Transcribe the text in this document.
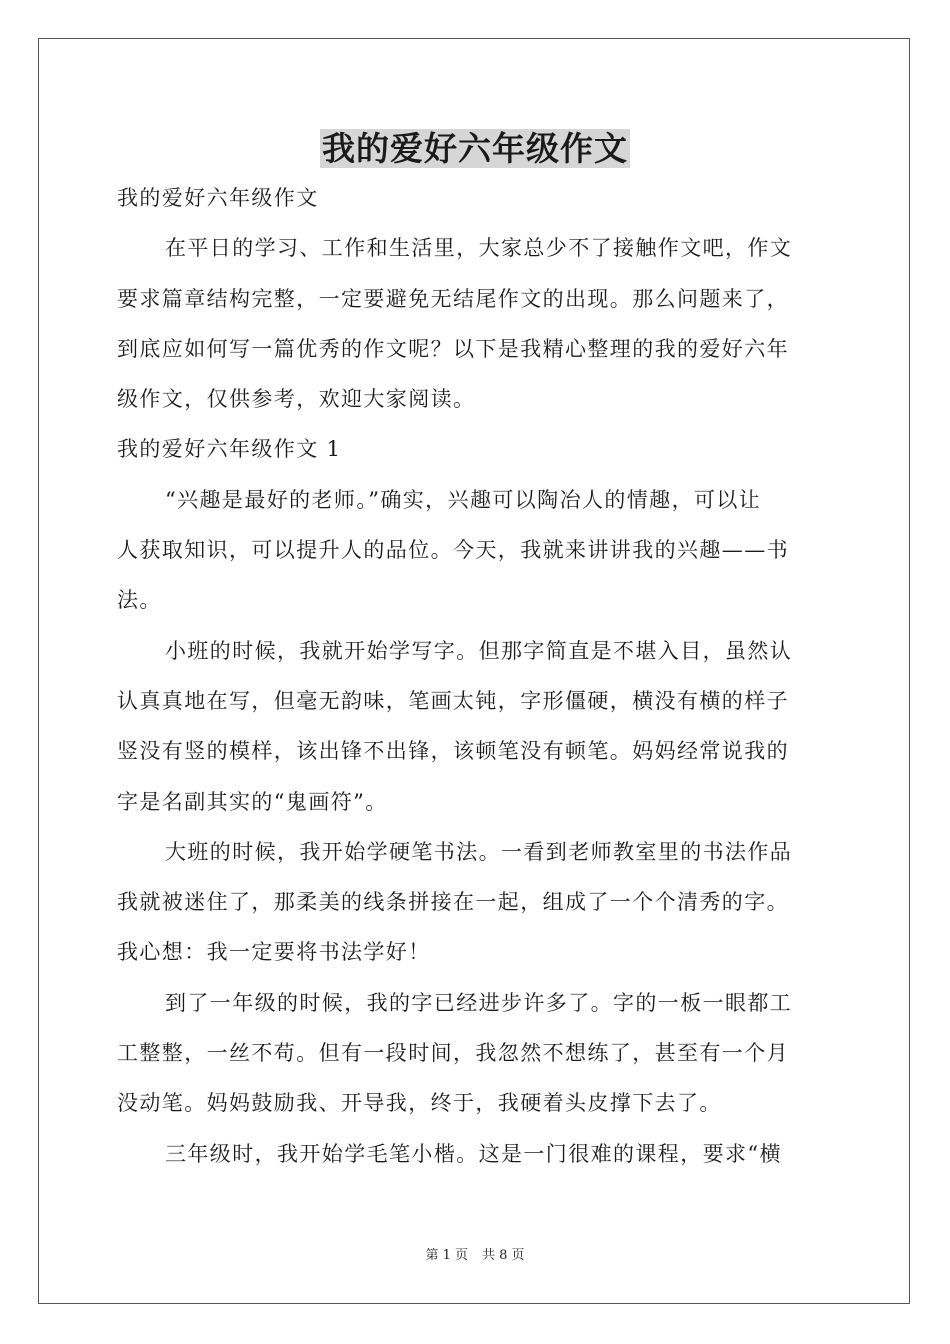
我的爱好六年级作文
我的爱好六年级作文
在平日的学习、工作和生活里，大家总少不了接触作文吧，作文
要求篇章结构完整，一定要避免无结尾作文的出现。那么问题来了，
到底应如何写一篇优秀的作文呢？以下是我精心整理的我的爱好六年
级作文，仅供参考，欢迎大家阅读。
我的爱好六年级作文 1
“兴趣是最好的老师。”确实，兴趣可以陶冶人的情趣，可以让
人获取知识，可以提升人的品位。今天，我就来讲讲我的兴趣——书
法。
小班的时候，我就开始学写字。但那字简直是不堪入目，虽然认
认真真地在写，但毫无韵味，笔画太钝，字形僵硬，横没有横的样子
竖没有竖的模样，该出锋不出锋，该顿笔没有顿笔。妈妈经常说我的
字是名副其实的“鬼画符”。
大班的时候，我开始学硬笔书法。一看到老师教室里的书法作品
我就被迷住了，那柔美的线条拼接在一起，组成了一个个清秀的字。
我心想：我一定要将书法学好！
到了一年级的时候，我的字已经进步许多了。字的一板一眼都工
工整整，一丝不苟。但有一段时间，我忽然不想练了，甚至有一个月
没动笔。妈妈鼓励我、开导我，终于，我硬着头皮撑下去了。
三年级时，我开始学毛笔小楷。这是一门很难的课程，要求“横
第 1 页 共 8 页
